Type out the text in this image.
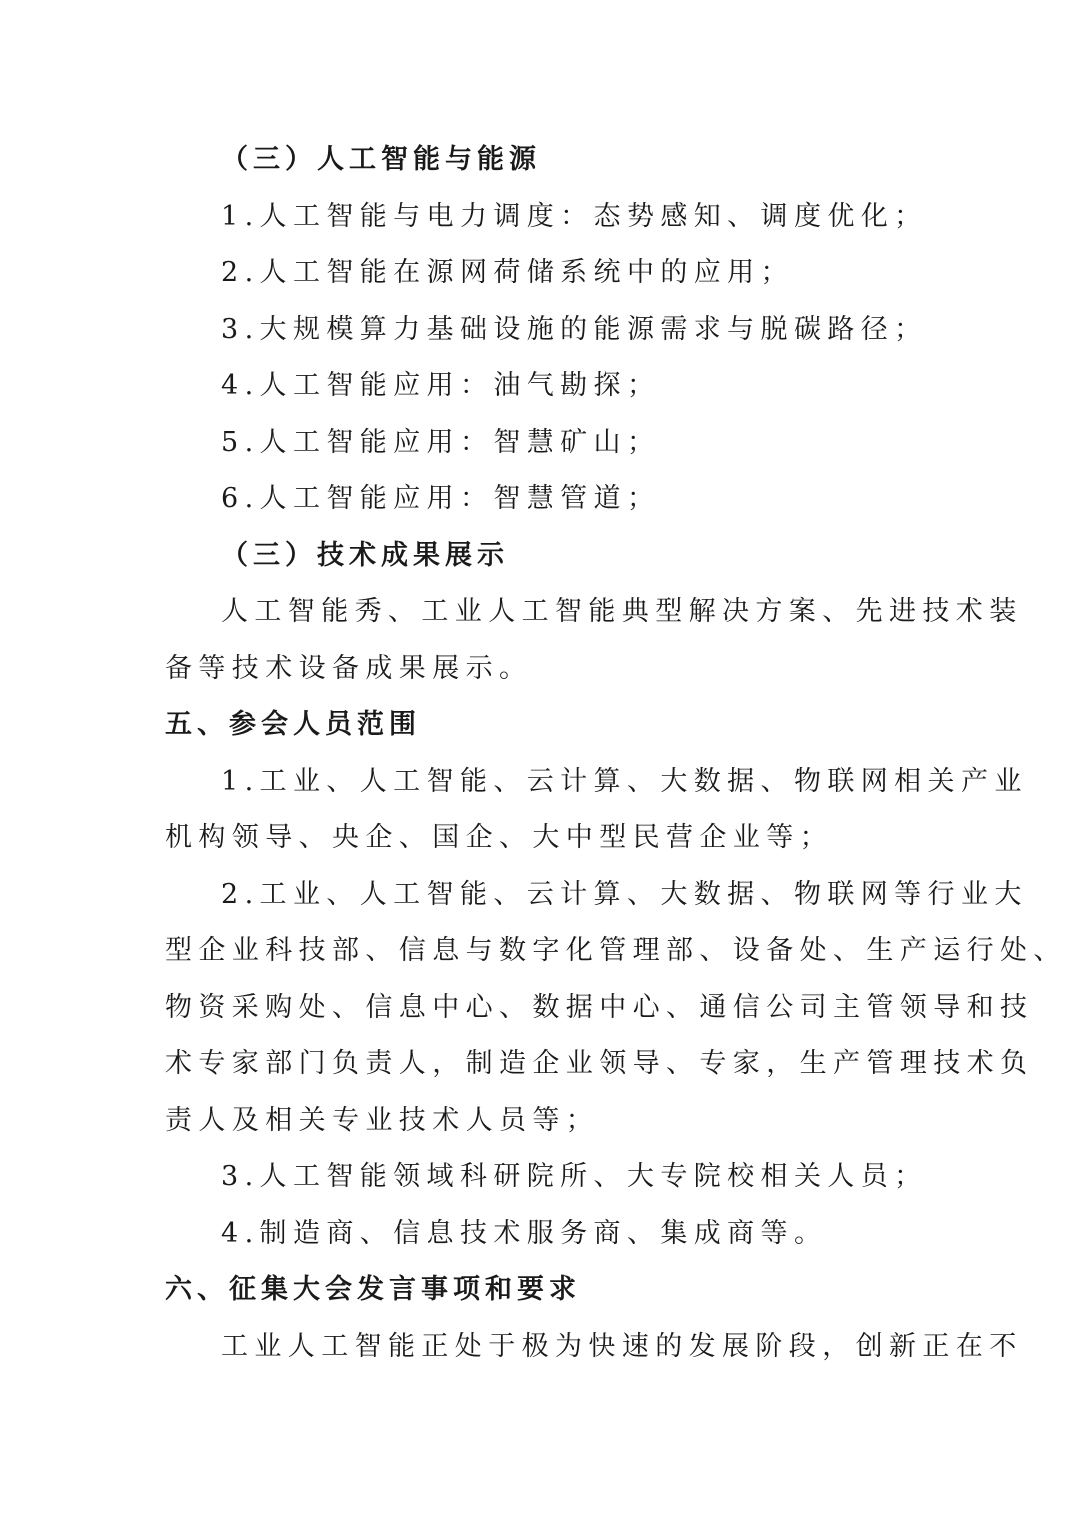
（三）人工智能与能源
1.人工智能与电力调度：态势感知、调度优化；
2.人工智能在源网荷储系统中的应用；
3.大规模算力基础设施的能源需求与脱碳路径；
4.人工智能应用：油气勘探；
5.人工智能应用：智慧矿山；
6.人工智能应用：智慧管道；
（三）技术成果展示
人工智能秀、工业人工智能典型解决方案、先进技术装
备等技术设备成果展示。
五、参会人员范围
1.工业、人工智能、云计算、大数据、物联网相关产业
机构领导、央企、国企、大中型民营企业等；
2.工业、人工智能、云计算、大数据、物联网等行业大
型企业科技部、信息与数字化管理部、设备处、生产运行处、
物资采购处、信息中心、数据中心、通信公司主管领导和技
术专家部门负责人，制造企业领导、专家，生产管理技术负
责人及相关专业技术人员等；
3.人工智能领域科研院所、大专院校相关人员；
4.制造商、信息技术服务商、集成商等。
六、征集大会发言事项和要求
工业人工智能正处于极为快速的发展阶段，创新正在不
